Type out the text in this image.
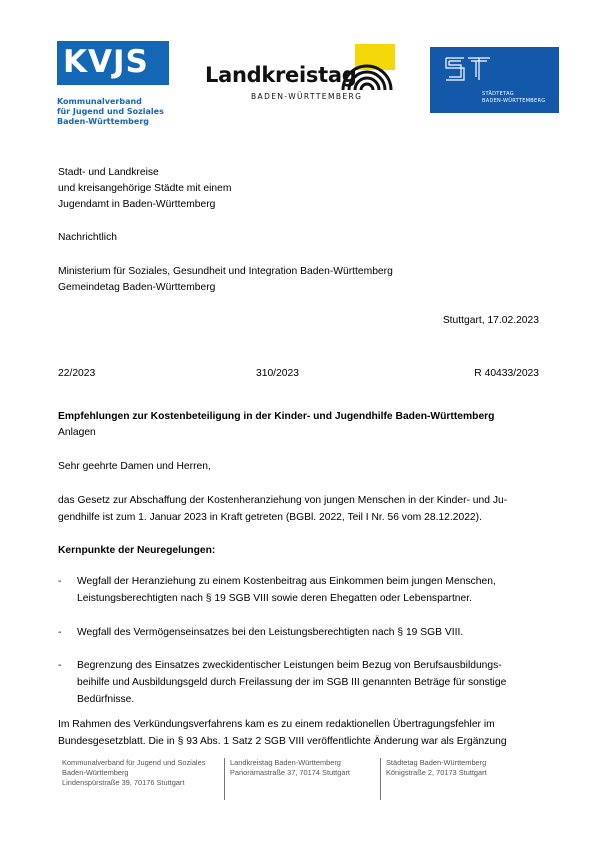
KVJS
Kommunalverband
für Jugend und Soziales
Baden-Württemberg
Landkreistag
BADEN-WÜRTTEMBERG	STÄDTETAG
BADEN-WÜRTTEMBERG
Stadt- und Landkreise
und kreisangehörige Städte mit einem
Jugendamt in Baden-Württemberg
Nachrichtlich
Ministerium für Soziales, Gesundheit und Integration Baden-Württemberg
Gemeindetag Baden-Württemberg
Stuttgart, 17.02.2023
22/2023	310/2023	R 40433/2023
Empfehlungen zur Kostenbeteiligung in der Kinder- und Jugendhilfe Baden-Württemberg
Anlagen
Sehr geehrte Damen und Herren,
das Gesetz zur Abschaffung der Kostenheranziehung von jungen Menschen in der Kinder- und Ju-
gendhilfe ist zum 1. Januar 2023 in Kraft getreten (BGBl. 2022, Teil I Nr. 56 vom 28.12.2022).
Kernpunkte der Neuregelungen:
- Wegfall der Heranziehung zu einem Kostenbeitrag aus Einkommen beim jungen Menschen,
Leistungsberechtigten nach § 19 SGB VIII sowie deren Ehegatten oder Lebenspartner.
- Wegfall des Vermögenseinsatzes bei den Leistungsberechtigten nach § 19 SGB VIII.
- Begrenzung des Einsatzes zweckidentischer Leistungen beim Bezug von Berufsausbildungs-
beihilfe und Ausbildungsgeld durch Freilassung der im SGB III genannten Beträge für sonstige
Bedürfnisse.
Im Rahmen des Verkündungsverfahrens kam es zu einem redaktionellen Übertragungsfehler im
Bundesgesetzblatt. Die in § 93 Abs. 1 Satz 2 SGB VIII veröffentlichte Änderung war als Ergänzung
Kommunalverband für Jugend und Soziales
Baden-Württemberg
Lindenspürstraße 39, 70176 Stuttgart
Landkreistag Baden-Württemberg
Panoramastraße 37, 70174 Stuttgart
Städtetag Baden-Württemberg
Königstraße 2, 70173 Stuttgart
